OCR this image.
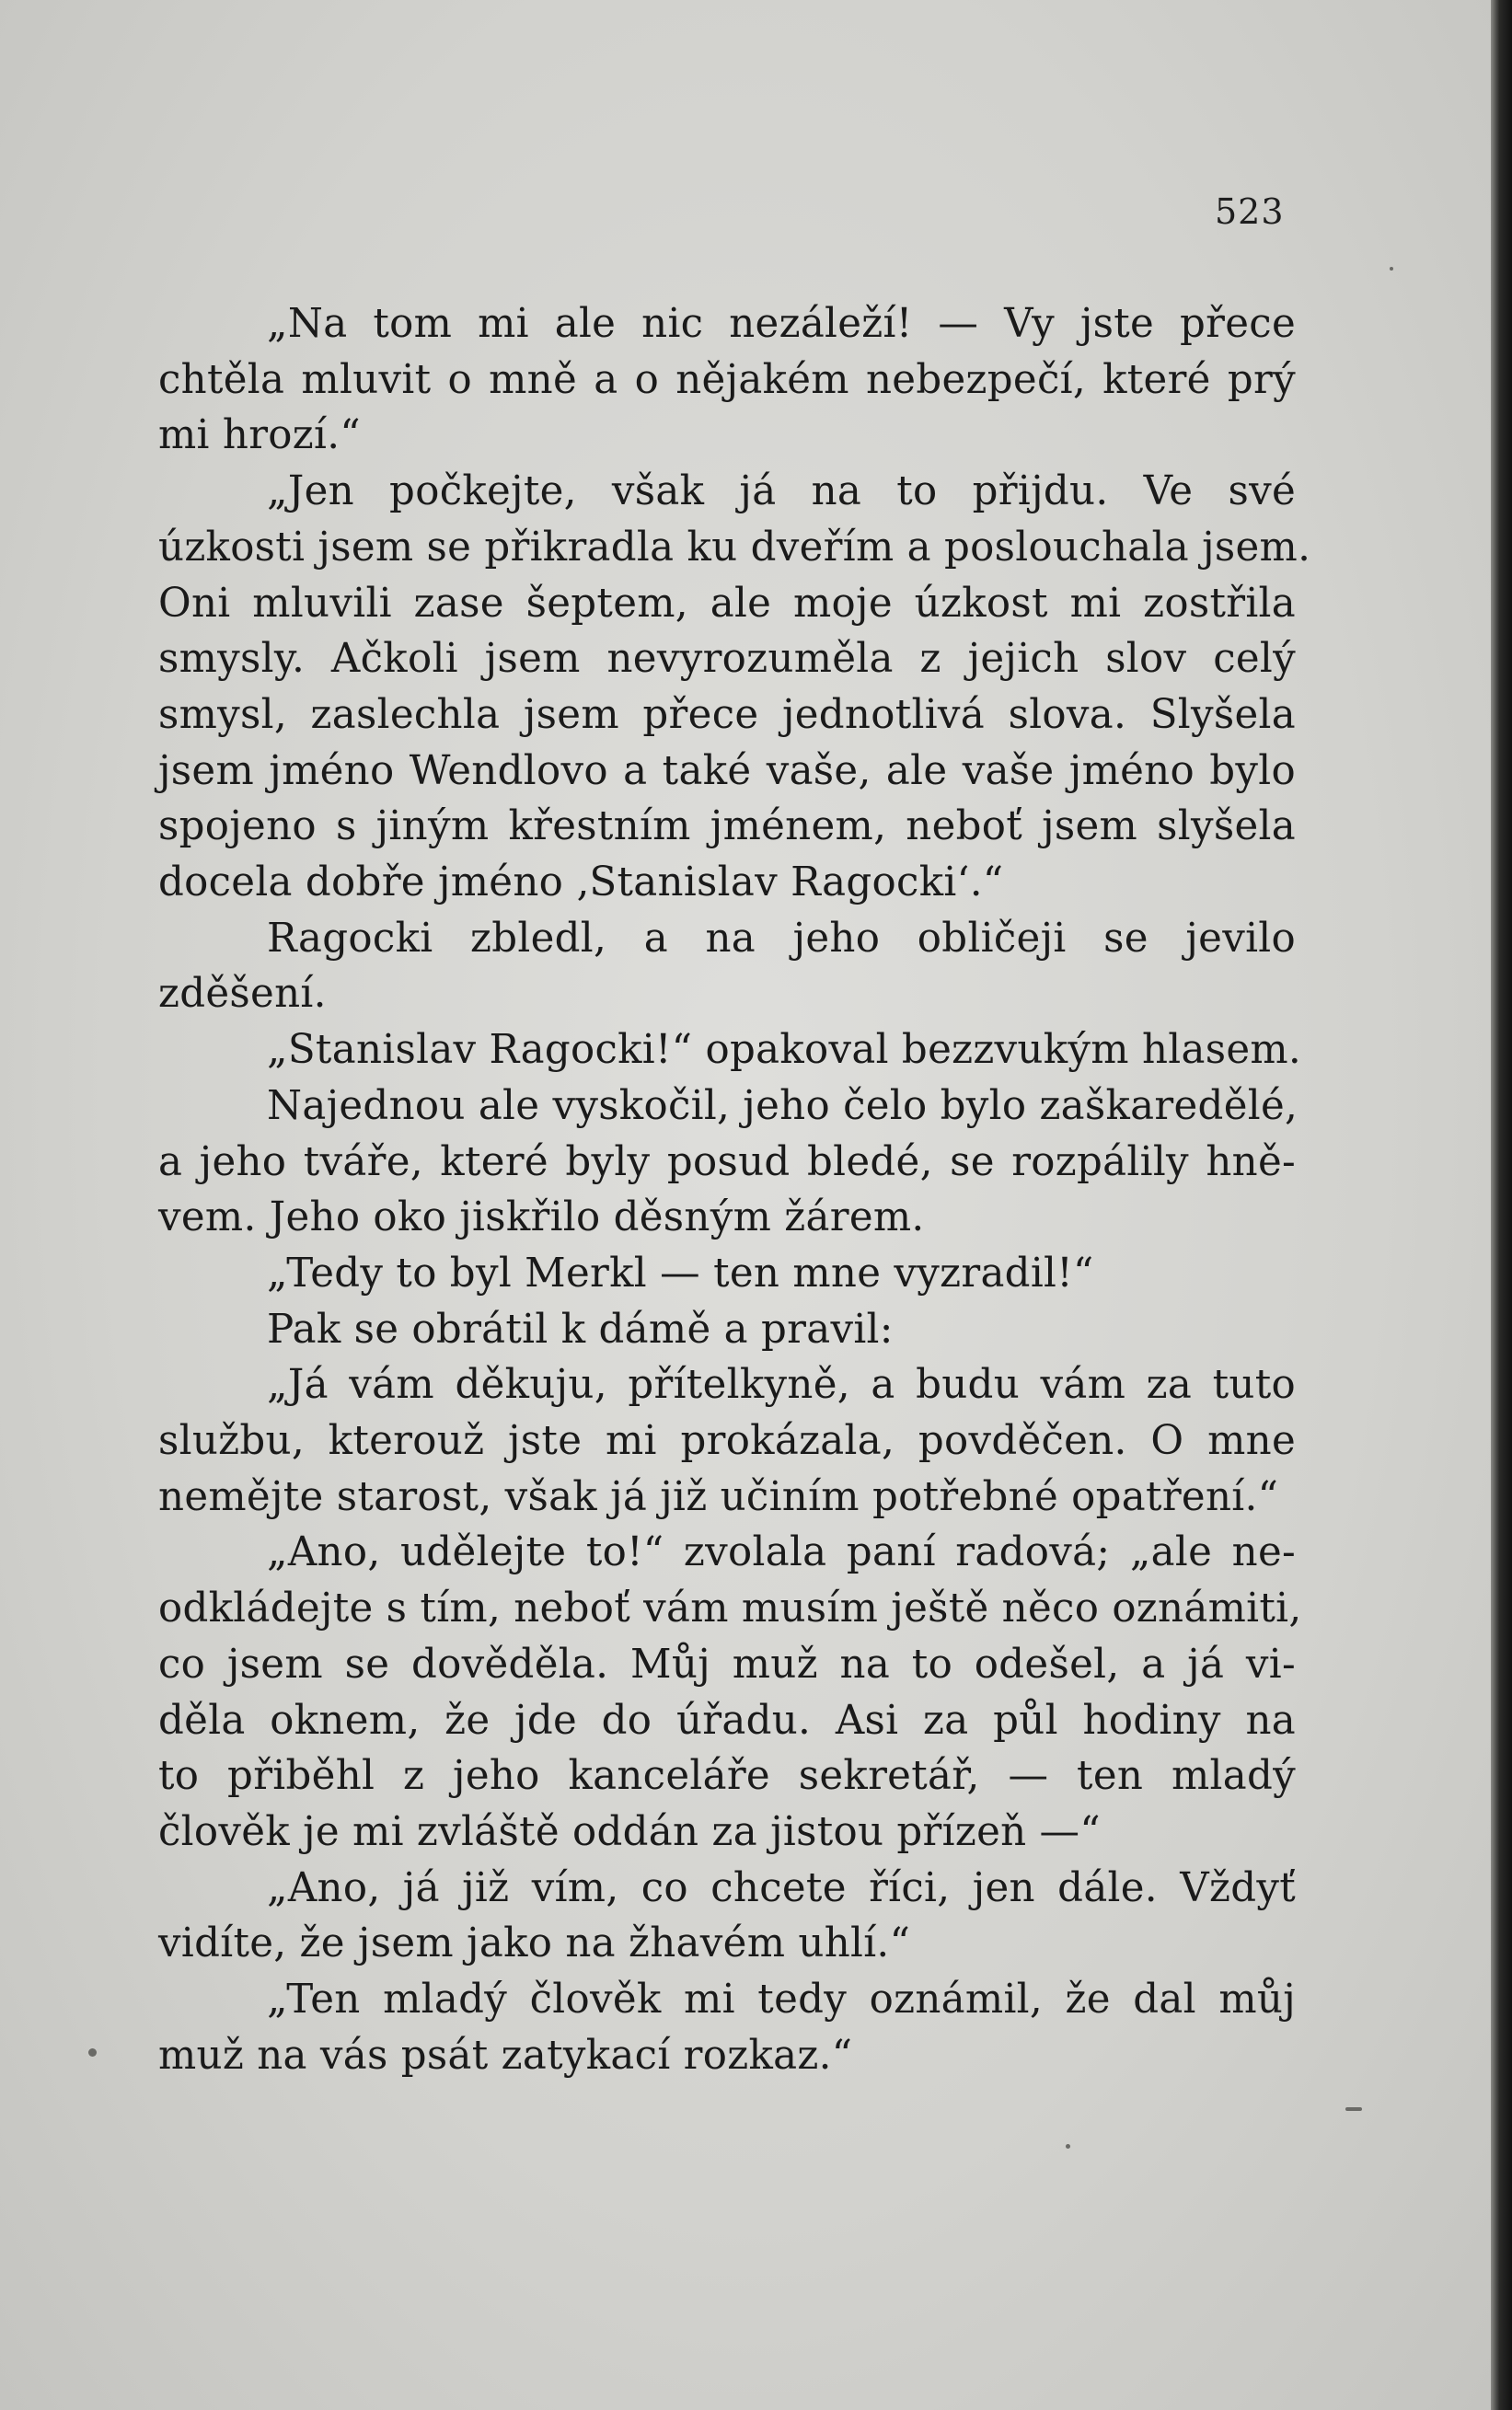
523
„Na tom mi ale nic nezáleží! — Vy jste přece
chtěla mluvit o mně a o nějakém nebezpečí, které prý
mi hrozí.“
„Jen počkejte, však já na to přijdu. Ve své
úzkosti jsem se přikradla ku dveřím a poslouchala jsem.
Oni mluvili zase šeptem, ale moje úzkost mi zostřila
smysly. Ačkoli jsem nevyrozuměla z jejich slov celý
smysl, zaslechla jsem přece jednotlivá slova. Slyšela
jsem jméno Wendlovo a také vaše, ale vaše jméno bylo
spojeno s jiným křestním jménem, neboť jsem slyšela
docela dobře jméno ‚Stanislav Ragocki‘.“
Ragocki zbledl, a na jeho obličeji se jevilo
zděšení.
„Stanislav Ragocki!“ opakoval bezzvukým hlasem.
Najednou ale vyskočil, jeho čelo bylo zaškaredělé,
a jeho tváře, které byly posud bledé, se rozpálily hně-
vem. Jeho oko jiskřilo děsným žárem.
„Tedy to byl Merkl — ten mne vyzradil!“
Pak se obrátil k dámě a pravil:
„Já vám děkuju, přítelkyně, a budu vám za tuto
službu, kterouž jste mi prokázala, povděčen. O mne
nemějte starost, však já již učiním potřebné opatření.“
„Ano, udělejte to!“ zvolala paní radová; „ale ne-
odkládejte s tím, neboť vám musím ještě něco oznámiti,
co jsem se dověděla. Můj muž na to odešel, a já vi-
děla oknem, že jde do úřadu. Asi za půl hodiny na
to přiběhl z jeho kanceláře sekretář, — ten mladý
člověk je mi zvláště oddán za jistou přízeň —“
„Ano, já již vím, co chcete říci, jen dále. Vždyť
vidíte, že jsem jako na žhavém uhlí.“
„Ten mladý člověk mi tedy oznámil, že dal můj
muž na vás psát zatykací rozkaz.“
